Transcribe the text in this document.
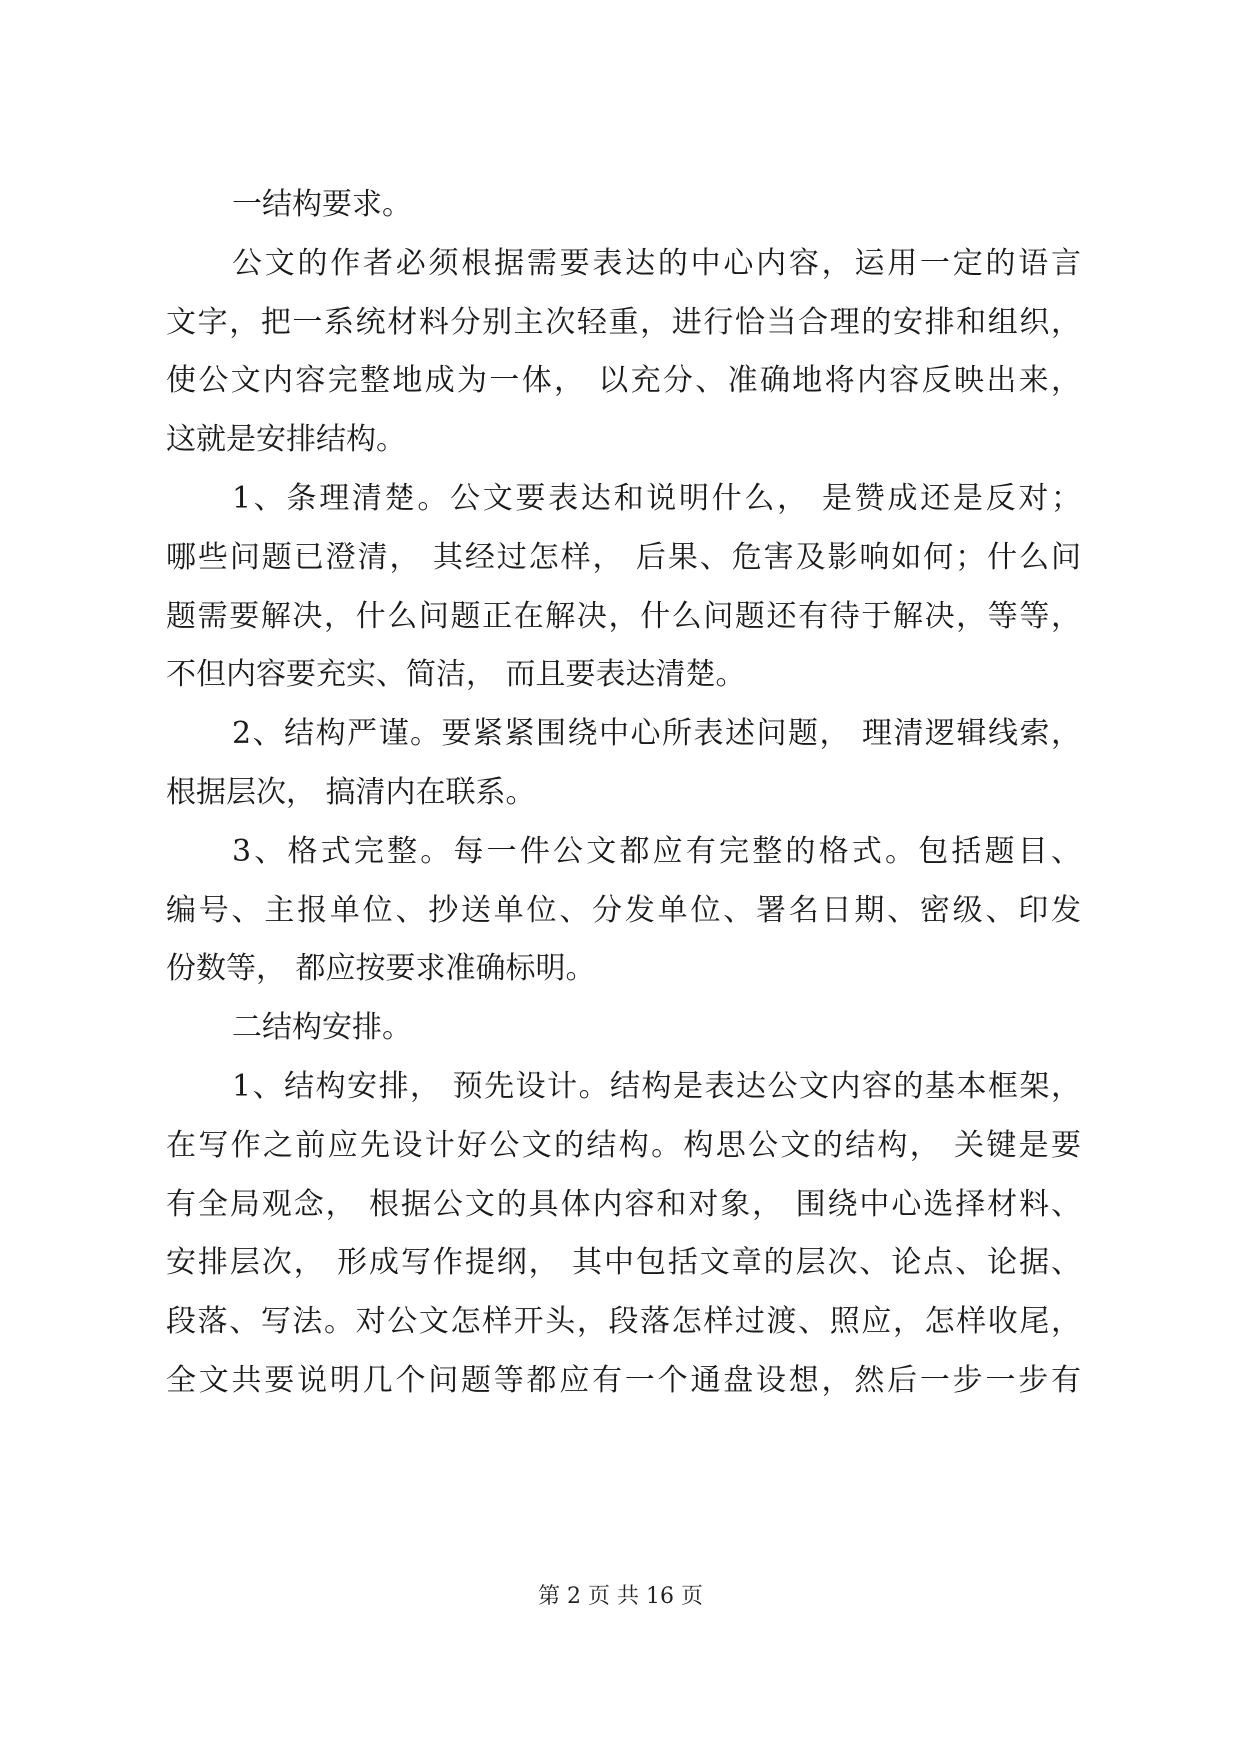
一结构要求。
公文的作者必须根据需要表达的中心内容，运用一定的语言
文字，把一系统材料分别主次轻重，进行恰当合理的安排和组织，
使公文内容完整地成为一体， 以充分、准确地将内容反映出来，
这就是安排结构。
1、条理清楚。公文要表达和说明什么， 是赞成还是反对；
哪些问题已澄清， 其经过怎样， 后果、危害及影响如何；什么问
题需要解决，什么问题正在解决，什么问题还有待于解决，等等，
不但内容要充实、简洁， 而且要表达清楚。
2、结构严谨。要紧紧围绕中心所表述问题， 理清逻辑线索，
根据层次， 搞清内在联系。
3、格式完整。每一件公文都应有完整的格式。包括题目、
编号、主报单位、抄送单位、分发单位、署名日期、密级、印发
份数等， 都应按要求准确标明。
二结构安排。
1、结构安排， 预先设计。结构是表达公文内容的基本框架，
在写作之前应先设计好公文的结构。构思公文的结构， 关键是要
有全局观念， 根据公文的具体内容和对象， 围绕中心选择材料、
安排层次， 形成写作提纲， 其中包括文章的层次、论点、论据、
段落、写法。对公文怎样开头，段落怎样过渡、照应，怎样收尾，
全文共要说明几个问题等都应有一个通盘设想，然后一步一步有
第 2 页 共 16 页
